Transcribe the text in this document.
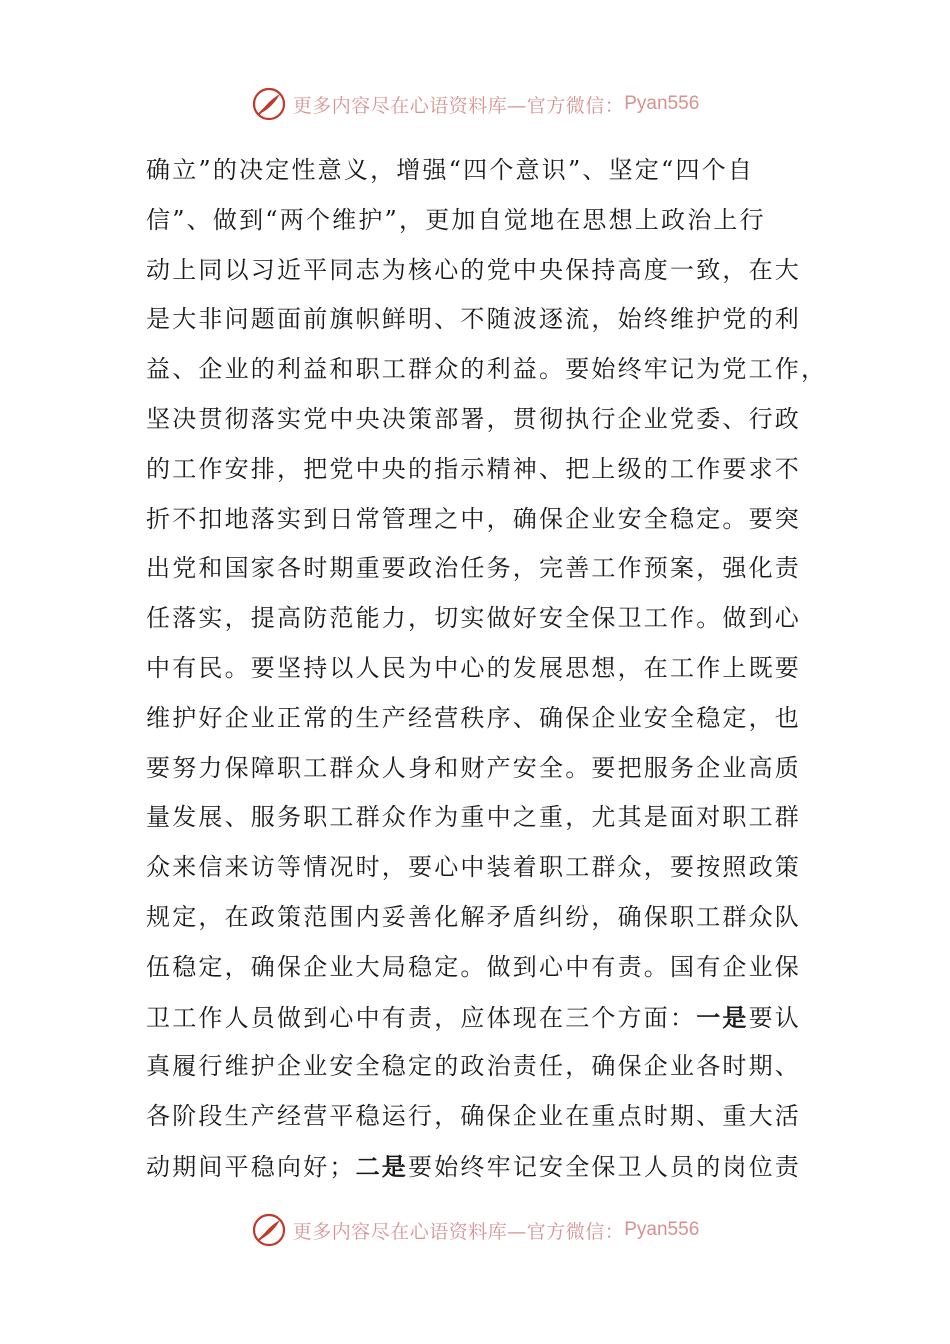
更多内容尽在心语资料库—官方微信： Pyan556
确立”的决定性意义，增强“四个意识”、坚定“四个自
信”、做到“两个维护”，更加自觉地在思想上政治上行
动上同以习近平同志为核心的党中央保持高度一致，在大
是大非问题面前旗帜鲜明、不随波逐流，始终维护党的利
益、企业的利益和职工群众的利益。要始终牢记为党工作，
坚决贯彻落实党中央决策部署，贯彻执行企业党委、行政
的工作安排，把党中央的指示精神、把上级的工作要求不
折不扣地落实到日常管理之中，确保企业安全稳定。要突
出党和国家各时期重要政治任务，完善工作预案，强化责
任落实，提高防范能力，切实做好安全保卫工作。做到心
中有民。要坚持以人民为中心的发展思想，在工作上既要
维护好企业正常的生产经营秩序、确保企业安全稳定，也
要努力保障职工群众人身和财产安全。要把服务企业高质
量发展、服务职工群众作为重中之重，尤其是面对职工群
众来信来访等情况时，要心中装着职工群众，要按照政策
规定，在政策范围内妥善化解矛盾纠纷，确保职工群众队
伍稳定，确保企业大局稳定。做到心中有责。国有企业保
卫工作人员做到心中有责，应体现在三个方面：一是要认
真履行维护企业安全稳定的政治责任，确保企业各时期、
各阶段生产经营平稳运行，确保企业在重点时期、重大活
动期间平稳向好；二是要始终牢记安全保卫人员的岗位责
更多内容尽在心语资料库—官方微信： Pyan556
